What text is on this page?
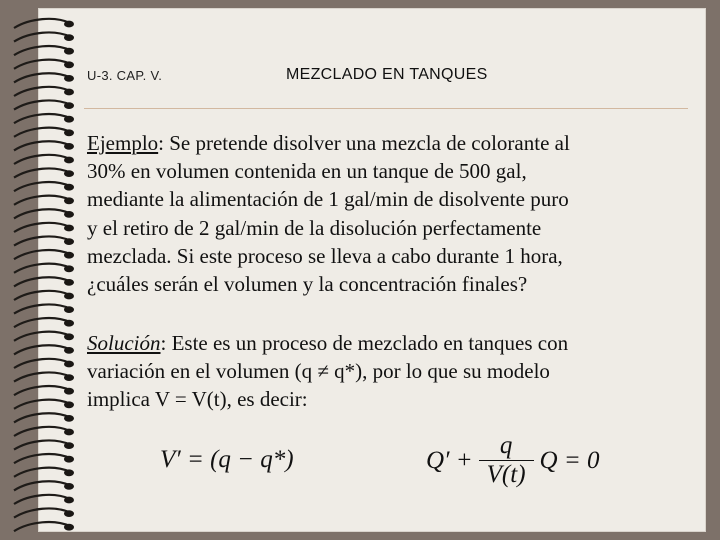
U-3. CAP. V.	MEZCLADO EN TANQUES
Ejemplo: Se pretende disolver una mezcla de colorante al
30% en volumen contenida en un tanque de 500 gal,
mediante la alimentación de 1 gal/min de disolvente puro
y el retiro de 2 gal/min de la disolución perfectamente
mezclada. Si este proceso se lleva a cabo durante 1 hora,
¿cuáles serán el volumen y la concentración finales?
Solución: Este es un proceso de mezclado en tanques con
variación en el volumen (q ≠ q*), por lo que su modelo
implica V = V(t), es decir:
V′ = (q − q*)	Q′ +	q	Q = 0
V(t)
